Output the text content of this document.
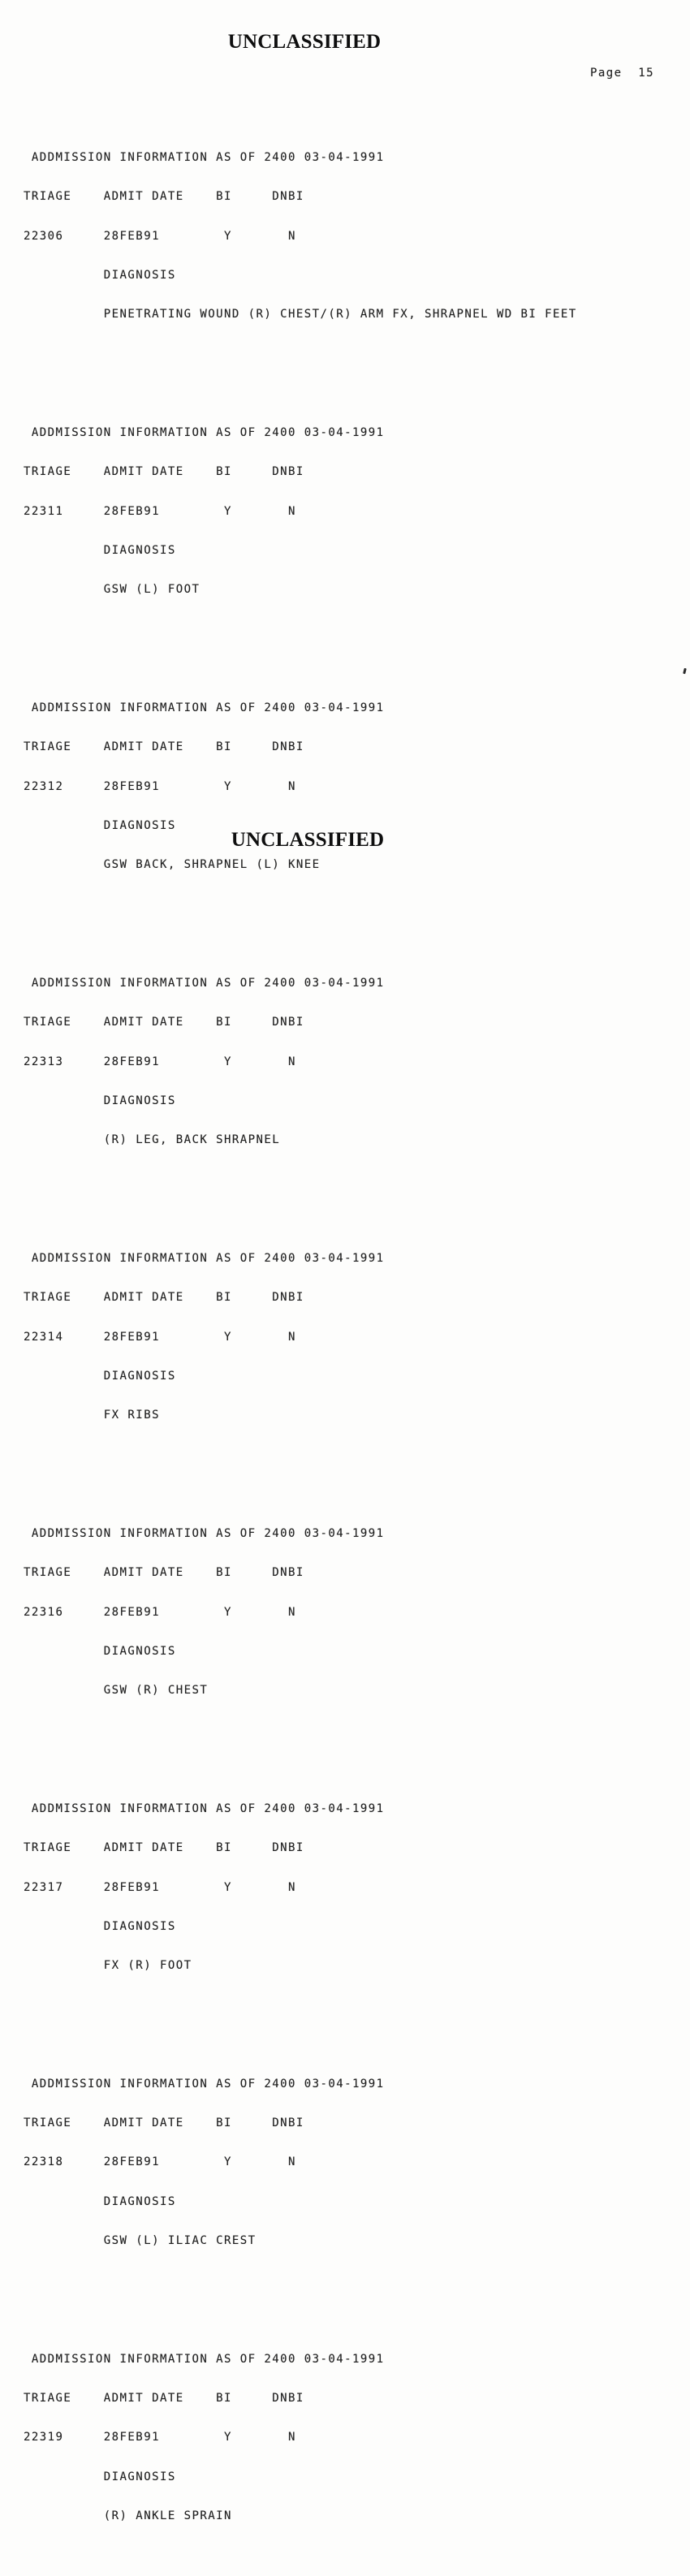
UNCLASSIFIED
Page  15

ADDMISSION INFORMATION AS OF 2400 03-04-1991

TRIAGE    ADMIT DATE    BI     DNBI

22306     28FEB91        Y       N

DIAGNOSIS

PENETRATING WOUND (R) CHEST/(R) ARM FX, SHRAPNEL WD BI FEET

ADDMISSION INFORMATION AS OF 2400 03-04-1991

TRIAGE    ADMIT DATE    BI     DNBI

22311     28FEB91        Y       N

DIAGNOSIS

GSW (L) FOOT

ADDMISSION INFORMATION AS OF 2400 03-04-1991

TRIAGE    ADMIT DATE    BI     DNBI

22312     28FEB91        Y       N

DIAGNOSIS

GSW BACK, SHRAPNEL (L) KNEE

ADDMISSION INFORMATION AS OF 2400 03-04-1991

TRIAGE    ADMIT DATE    BI     DNBI

22313     28FEB91        Y       N

DIAGNOSIS

(R) LEG, BACK SHRAPNEL

ADDMISSION INFORMATION AS OF 2400 03-04-1991

TRIAGE    ADMIT DATE    BI     DNBI

22314     28FEB91        Y       N

DIAGNOSIS

FX RIBS

ADDMISSION INFORMATION AS OF 2400 03-04-1991

TRIAGE    ADMIT DATE    BI     DNBI

22316     28FEB91        Y       N

DIAGNOSIS

GSW (R) CHEST

ADDMISSION INFORMATION AS OF 2400 03-04-1991

TRIAGE    ADMIT DATE    BI     DNBI

22317     28FEB91        Y       N

DIAGNOSIS

FX (R) FOOT

ADDMISSION INFORMATION AS OF 2400 03-04-1991

TRIAGE    ADMIT DATE    BI     DNBI

22318     28FEB91        Y       N

DIAGNOSIS

GSW (L) ILIAC CREST

ADDMISSION INFORMATION AS OF 2400 03-04-1991

TRIAGE    ADMIT DATE    BI     DNBI

22319     28FEB91        Y       N

DIAGNOSIS

(R) ANKLE SPRAIN

UNCLASSIFIED
